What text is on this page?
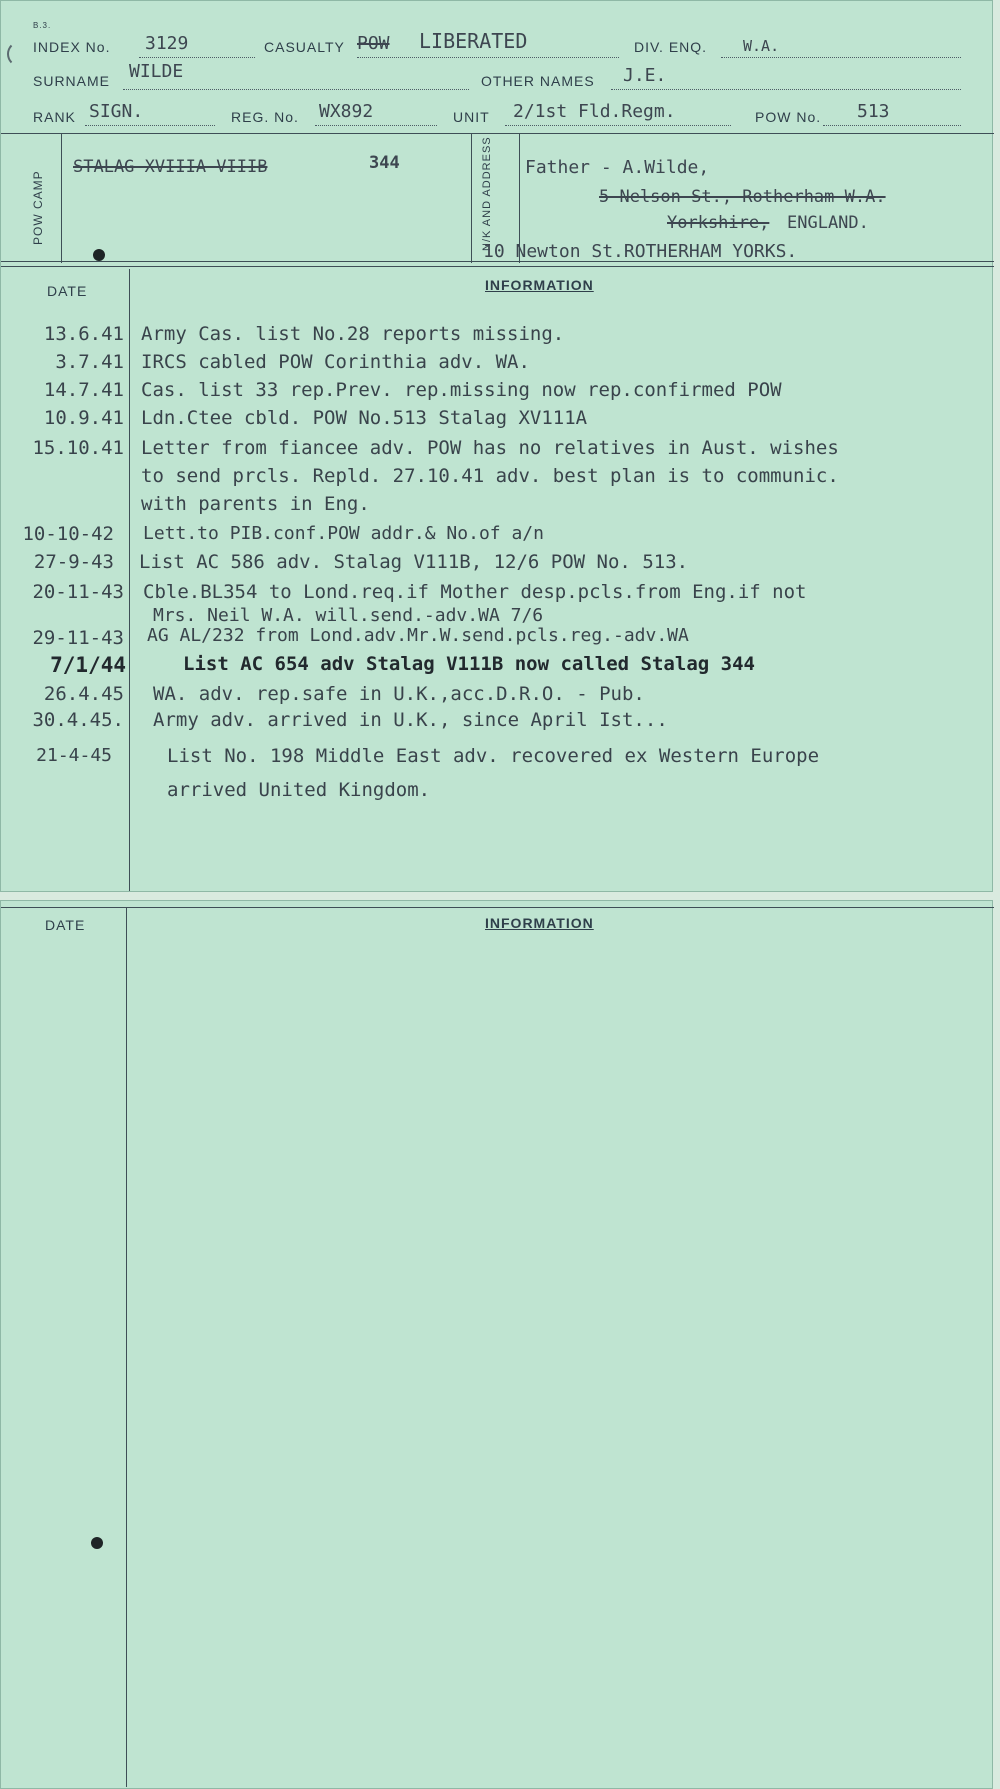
B.3.
INDEX No. 3129	CASUALTY POW LIBERATED	DIV. ENQ. W.A.
SURNAME WILDE	OTHER NAMES J.E.
RANK SIGN.	REG. No. WX892	UNIT 2/1st Fld.Regm.	POW No. 513
POW CAMP
STALAG XVIIIA VIIIB	344	N/K AND ADDRESS Father - A.Wilde,
5 Nelson St., Rotherham W.A.
Yorkshire, ENGLAND.
10 Newton St.ROTHERHAM YORKS.
DATE	INFORMATION
13.6.41 Army Cas. list No.28 reports missing.
3.7.41 IRCS cabled POW Corinthia adv. WA.
14.7.41 Cas. list 33 rep.Prev. rep.missing now rep.confirmed POW
10.9.41 Ldn.Ctee cbld. POW No.513 Stalag XV111A
15.10.41 Letter from fiancee adv. POW has no relatives in Aust. wishes
to send prcls. Repld. 27.10.41 adv. best plan is to communic.
with parents in Eng.
10-10-42 Lett.to PIB.conf.POW addr.& No.of a/n
27-9-43 List AC 586 adv. Stalag V111B, 12/6 POW No. 513.
20-11-43 Cble.BL354 to Lond.req.if Mother desp.pcls.from Eng.if not
Mrs. Neil W.A. will.send.-adv.WA 7/6
29-11-43 AG AL/232 from Lond.adv.Mr.W.send.pcls.reg.-adv.WA
7/1/44	List AC 654 adv Stalag V111B now called Stalag 344
26.4.45 WA. adv. rep.safe in U.K.,acc.D.R.O. - Pub.
30.4.45. Army adv. arrived in U.K., since April Ist...
21-4-45	List No. 198 Middle East adv. recovered ex Western Europe
arrived United Kingdom.
DATE	INFORMATION
